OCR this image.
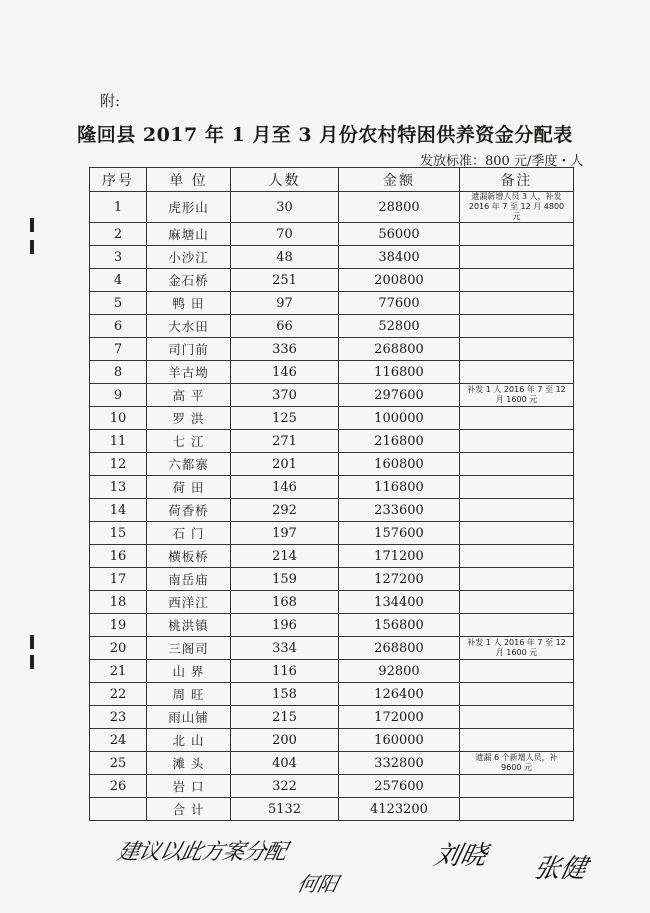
附:
隆回县 2017 年 1 月至 3 月份农村特困供养资金分配表
发放标准：800 元/季度・人
序号	单 位	人数	金额	备注
1	虎形山	30	28800	遗漏新增人员 3 人，补发 2016 年 7 至 12 月 4800 元
2	麻塘山	70	56000	
3	小沙江	48	38400	
4	金石桥	251	200800	
5	鸭 田	97	77600	
6	大水田	66	52800	
7	司门前	336	268800	
8	羊古坳	146	116800	
9	高 平	370	297600	补发 1 人 2016 年 7 至 12 月 1600 元
10	罗 洪	125	100000	
11	七 江	271	216800	
12	六都寨	201	160800	
13	荷 田	146	116800	
14	荷香桥	292	233600	
15	石 门	197	157600	
16	横板桥	214	171200	
17	南岳庙	159	127200	
18	西洋江	168	134400	
19	桃洪镇	196	156800	
20	三阁司	334	268800	补发 1 人 2016 年 7 至 12 月 1600 元
21	山 界	116	92800	
22	周 旺	158	126400	
23	雨山铺	215	172000	
24	北 山	200	160000	
25	滩 头	404	332800	遗漏 6 个新增人员，补 9600 元
26	岩 口	322	257600	
	合 计	5132	4123200	
建议以此方案分配
何阳
刘晓 张健
